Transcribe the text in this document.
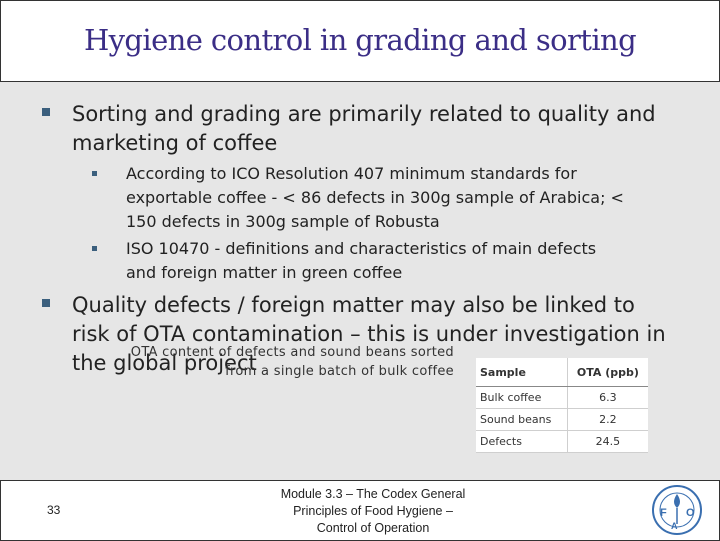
Hygiene control in grading and sorting
Sorting and grading are primarily related to quality and
marketing of coffee
According to ICO Resolution 407 minimum standards for
exportable coffee - < 86 defects in 300g sample of Arabica; <
150 defects in 300g sample of Robusta
ISO 10470 - definitions and characteristics of main defects
and foreign matter in green coffee
Quality defects / foreign matter may also be linked to
risk of OTA contamination – this is under investigation in
the global project
OTA content of defects and sound beans sorted
from a single batch of bulk coffee Sample	OTA (ppb)
Bulk coffee	6.3
Sound beans	2.2
Defects	24.5
33
Module 3.3 – The Codex General
Principles of Food Hygiene –
Control of Operation
F
A
O
